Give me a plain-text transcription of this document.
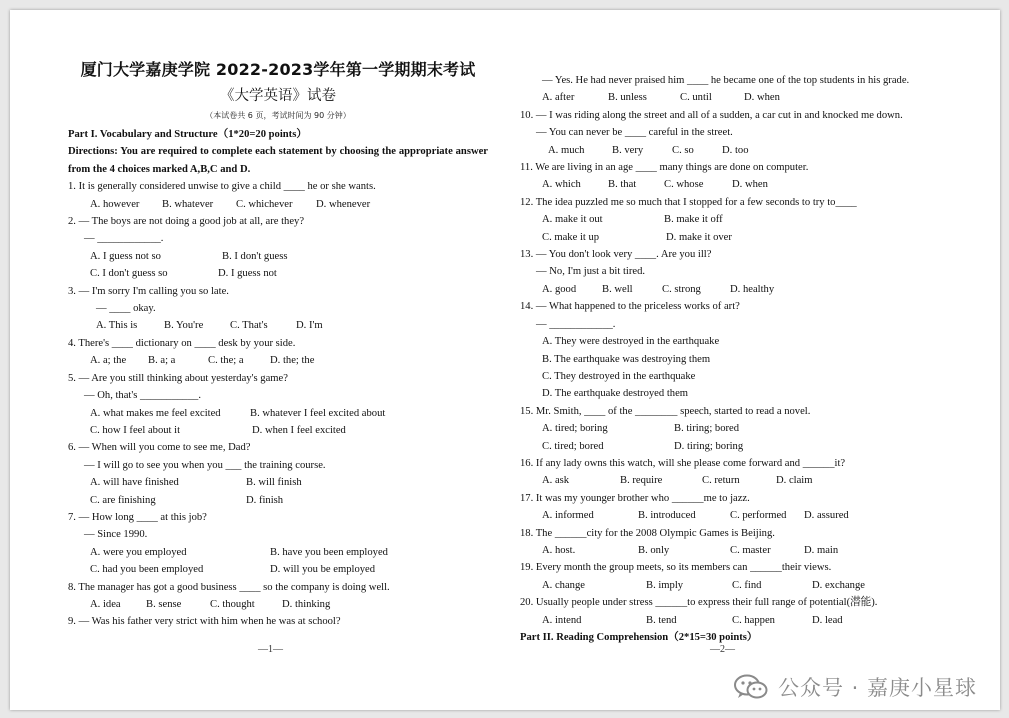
厦门大学嘉庚学院 2022-2023学年第一学期期末考试
《大学英语》试卷
（本试卷共 6 页，考试时间为 90 分钟）
Part I. Vocabulary and Structure（1*20=20 points）
Directions: You are required to complete each statement by choosing the appropriate answer from the 4 choices marked A,B,C and D.
1. It is generally considered unwise to give a child ____ he or she wants.
A. however	B. whatever	C. whichever	D. whenever
2. — The boys are not doing a good job at all, are they?
— ____________.
A. I guess not so	B. I don't guess
C. I don't guess so	D. I guess not
3. — I'm sorry I'm calling you so late.
— ____ okay.
A. This is	B. You're	C. That's	D. I'm
4. There's ____ dictionary on ____ desk by your side.
A. a; the	B. a; a	C. the; a	D. the; the
5. — Are you still thinking about yesterday's game?
— Oh, that's ___________.
A. what makes me feel excited	B. whatever I feel excited about
C. how I feel about it	D. when I feel excited
6. — When will you come to see me, Dad?
— I will go to see you when you ___ the training course.
A. will have finished	B. will finish
C. are finishing	D. finish
7. — How long ____ at this job?
— Since 1990.
A. were you employed	B. have you been employed
C. had you been employed	D. will you be employed
8. The manager has got a good business ____ so the company is doing well.
A. idea	B. sense	C. thought	D. thinking
9. — Was his father very strict with him when he was at school?
— Yes. He had never praised him ____ he became one of the top students in his grade.
A. after	B. unless	C. until	D. when
10. — I was riding along the street and all of a sudden, a car cut in and knocked me down.
— You can never be ____ careful in the street.
A. much	B. very	C. so	D. too
11. We are living in an age ____ many things are done on computer.
A. which	B. that	C. whose	D. when
12. The idea puzzled me so much that I stopped for a few seconds to try to____
A. make it out	B. make it off
C. make it up	D. make it over
13. — You don't look very ____. Are you ill?
— No, I'm just a bit tired.
A. good	B. well	C. strong	D. healthy
14. — What happened to the priceless works of art?
— ____________.
A. They were destroyed in the earthquake
B. The earthquake was destroying them
C. They destroyed in the earthquake
D. The earthquake destroyed them
15. Mr. Smith, ____ of the ________ speech, started to read a novel.
A. tired; boring	B. tiring; bored
C. tired; bored	D. tiring; boring
16. If any lady owns this watch, will she please come forward and ______it?
A. ask	B. require	C. return	D. claim
17. It was my younger brother who ______me to jazz.
A. informed	B. introduced	C. performed	D. assured
18. The ______city for the 2008 Olympic Games is Beijing.
A. host.	B. only	C. master	D. main
19. Every month the group meets, so its members can ______their views.
A. change	B. imply	C. find	D. exchange
20. Usually people under stress ______to express their full range of potential(潜能).
A. intend	B. tend	C. happen	D. lead
Part II. Reading Comprehension（2*15=30 points）
—1—	—2—
公众号 · 嘉庚小星球
